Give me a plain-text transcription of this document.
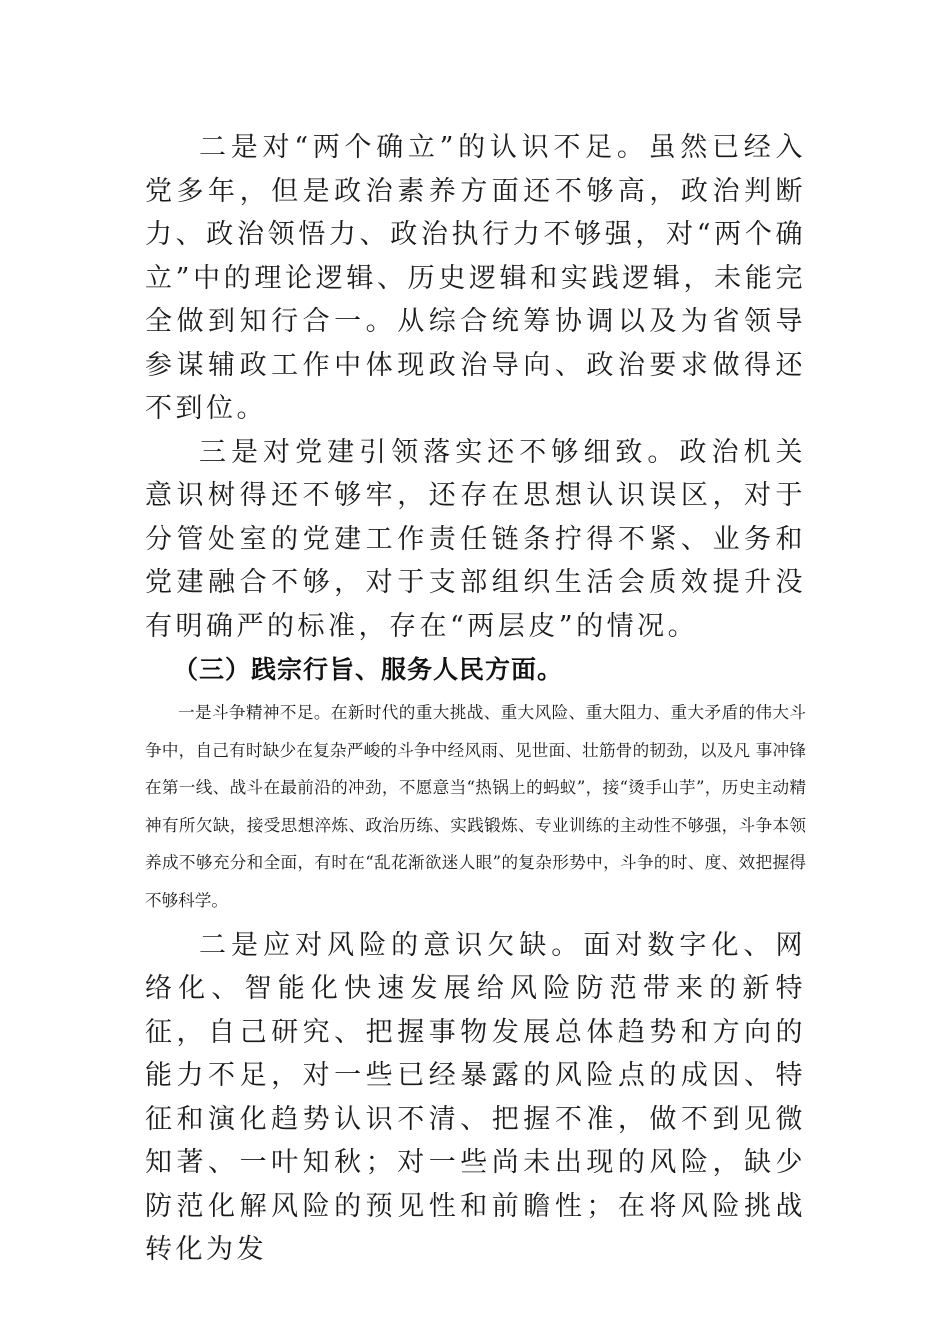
二是对“两个确立”的认识不足。虽然已经入党多年，但是政治素养方面还不够高，政治判断力、政治领悟力、政治执行力不够强，对“两个确立”中的理论逻辑、历史逻辑和实践逻辑，未能完全做到知行合一。从综合统筹协调以及为省领导参谋辅政工作中体现政治导向、政治要求做得还不到位。

三是对党建引领落实还不够细致。政治机关意识树得还不够牢，还存在思想认识误区，对于分管处室的党建工作责任链条拧得不紧、业务和党建融合不够，对于支部组织生活会质效提升没有明确严的标准，存在“两层皮”的情况。

（三）践宗行旨、服务人民方面。

一是斗争精神不足。在新时代的重大挑战、重大风险、重大阻力、重大矛盾的伟大斗争中，自己有时缺少在复杂严峻的斗争中经风雨、见世面、壮筋骨的韧劲，以及凡 事冲锋在第一线、战斗在最前沿的冲劲，不愿意当“热锅上的蚂蚁”，接“烫手山芋”，历史主动精神有所欠缺，接受思想淬炼、政治历练、实践锻炼、专业训练的主动性不够强，斗争本领养成不够充分和全面，有时在“乱花渐欲迷人眼”的复杂形势中，斗争的时、度、效把握得不够科学。

二是应对风险的意识欠缺。面对数字化、网络化、智能化快速发展给风险防范带来的新特征，自己研究、把握事物发展总体趋势和方向的能力不足，对一些已经暴露的风险点的成因、特征和演化趋势认识不清、把握不准，做不到见微知著、一叶知秋；对一些尚未出现的风险，缺少防范化解风险的预见性和前瞻性；在将风险挑战转化为发
